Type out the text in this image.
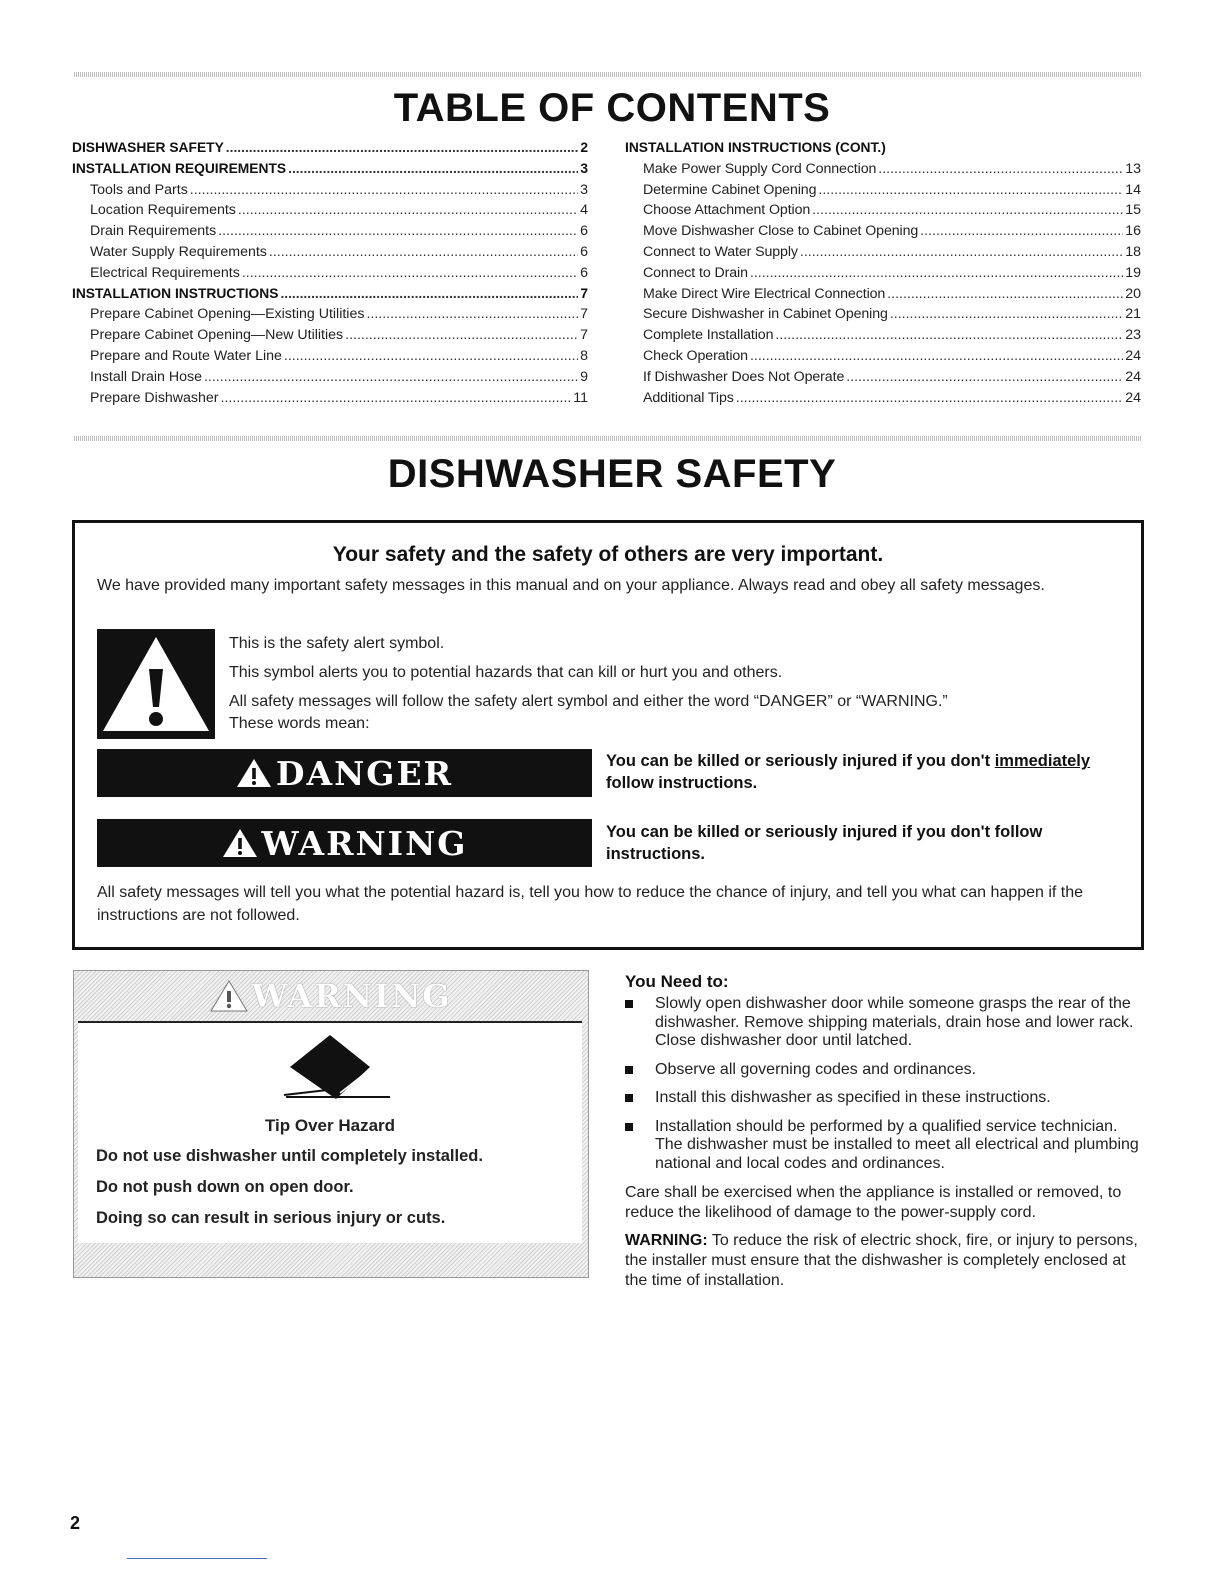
TABLE OF CONTENTS
DISHWASHER SAFETY .....	2
INSTALLATION REQUIREMENTS .....	3
Tools and Parts .....	3
Location Requirements .....	4
Drain Requirements .....	6
Water Supply Requirements .....	6
Electrical Requirements .....	6
INSTALLATION INSTRUCTIONS .....	7
Prepare Cabinet Opening—Existing Utilities .....	7
Prepare Cabinet Opening—New Utilities .....	7
Prepare and Route Water Line .....	8
Install Drain Hose .....	9
Prepare Dishwasher .....	11
INSTALLATION INSTRUCTIONS (CONT.)
Make Power Supply Cord Connection .....	13
Determine Cabinet Opening .....	14
Choose Attachment Option .....	15
Move Dishwasher Close to Cabinet Opening .....	16
Connect to Water Supply .....	18
Connect to Drain .....	19
Make Direct Wire Electrical Connection .....	20
Secure Dishwasher in Cabinet Opening .....	21
Complete Installation .....	23
Check Operation .....	24
If Dishwasher Does Not Operate .....	24
Additional Tips .....	24
DISHWASHER SAFETY
Your safety and the safety of others are very important.
We have provided many important safety messages in this manual and on your appliance. Always read and obey all safety messages.
This is the safety alert symbol.
This symbol alerts you to potential hazards that can kill or hurt you and others.
All safety messages will follow the safety alert symbol and either the word “DANGER” or “WARNING.”
These words mean:
DANGER	You can be killed or seriously injured if you don't immediately
follow instructions.
WARNING	You can be killed or seriously injured if you don't follow instructions.
All safety messages will tell you what the potential hazard is, tell you how to reduce the chance of injury, and tell you what can happen if the instructions are not followed.
WARNING
Tip Over Hazard
Do not use dishwasher until completely installed.
Do not push down on open door.
Doing so can result in serious injury or cuts.
You Need to:
Slowly open dishwasher door while someone grasps the rear of the dishwasher. Remove shipping materials, drain hose and lower rack. Close dishwasher door until latched.
Observe all governing codes and ordinances.
Install this dishwasher as specified in these instructions.
Installation should be performed by a qualified service technician. The dishwasher must be installed to meet all electrical and plumbing national and local codes and ordinances.

Care shall be exercised when the appliance is installed or removed, to reduce the likelihood of damage to the power-supply cord.

WARNING: To reduce the risk of electric shock, fire, or injury to persons, the installer must ensure that the dishwasher is completely enclosed at the time of installation.

2
